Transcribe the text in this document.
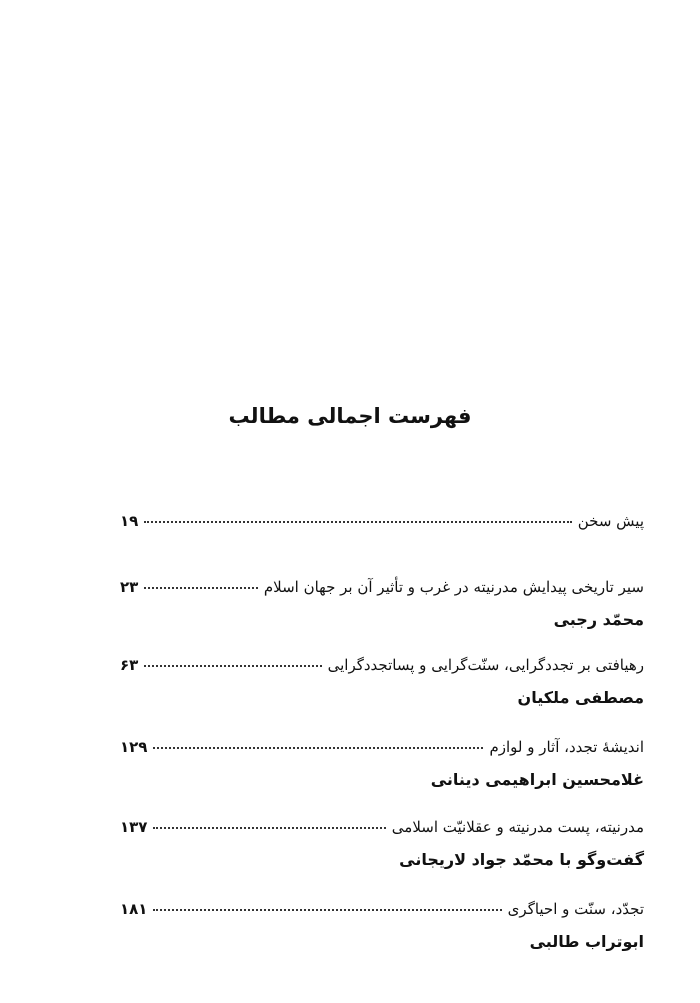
فهرست اجمالی مطالب
پیش سخن
۱۹
سیر تاریخی پیدایش مدرنیته در غرب و تأثیر آن بر جهان اسلام
۲۳
محمّد رجبی
رهیافتی بر تجددگرایی، سنّت‌گرایی و پساتجددگرایی
۶۳
مصطفی ملکیان
اندیشهٔ تجدد، آثار و لوازم
۱۲۹
غلامحسین ابراهیمی دینانی
مدرنیته، پست مدرنیته و عقلانیّت اسلامی
۱۳۷
گفت‌وگو با محمّد جواد لاریجانی
تجدّد، سنّت و احیاگری
۱۸۱
ابوتراب طالبی
